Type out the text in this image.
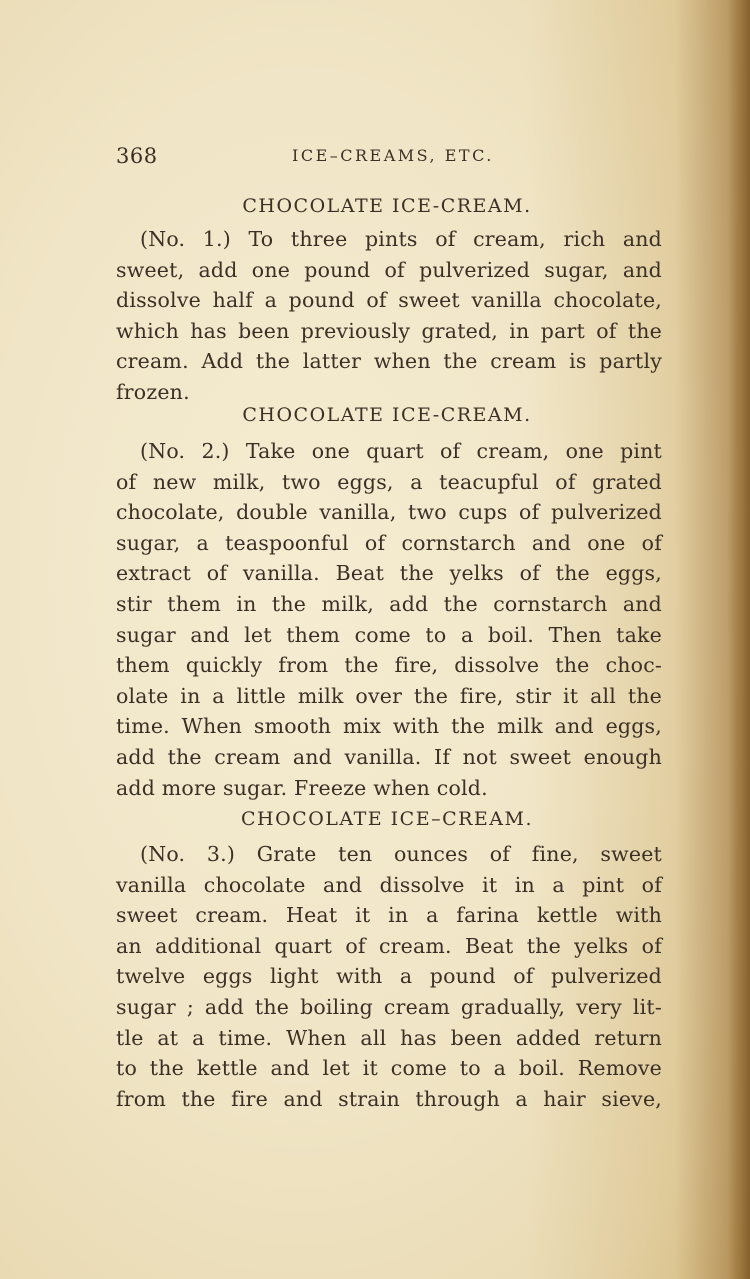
368	ICE–CREAMS, ETC.
CHOCOLATE ICE-CREAM.
(No. 1.) To three pints of cream, rich and
sweet, add one pound of pulverized sugar, and
dissolve half a pound of sweet vanilla chocolate,
which has been previously grated, in part of the
cream. Add the latter when the cream is partly
frozen.
CHOCOLATE ICE-CREAM.
(No. 2.) Take one quart of cream, one pint
of new milk, two eggs, a teacupful of grated
chocolate, double vanilla, two cups of pulverized
sugar, a teaspoonful of cornstarch and one of
extract of vanilla. Beat the yelks of the eggs,
stir them in the milk, add the cornstarch and
sugar and let them come to a boil. Then take
them quickly from the fire, dissolve the choc-
olate in a little milk over the fire, stir it all the
time. When smooth mix with the milk and eggs,
add the cream and vanilla. If not sweet enough
add more sugar. Freeze when cold.
CHOCOLATE ICE–CREAM.
(No. 3.) Grate ten ounces of fine, sweet
vanilla chocolate and dissolve it in a pint of
sweet cream. Heat it in a farina kettle with
an additional quart of cream. Beat the yelks of
twelve eggs light with a pound of pulverized
sugar ; add the boiling cream gradually, very lit-
tle at a time. When all has been added return
to the kettle and let it come to a boil. Remove
from the fire and strain through a hair sieve,
